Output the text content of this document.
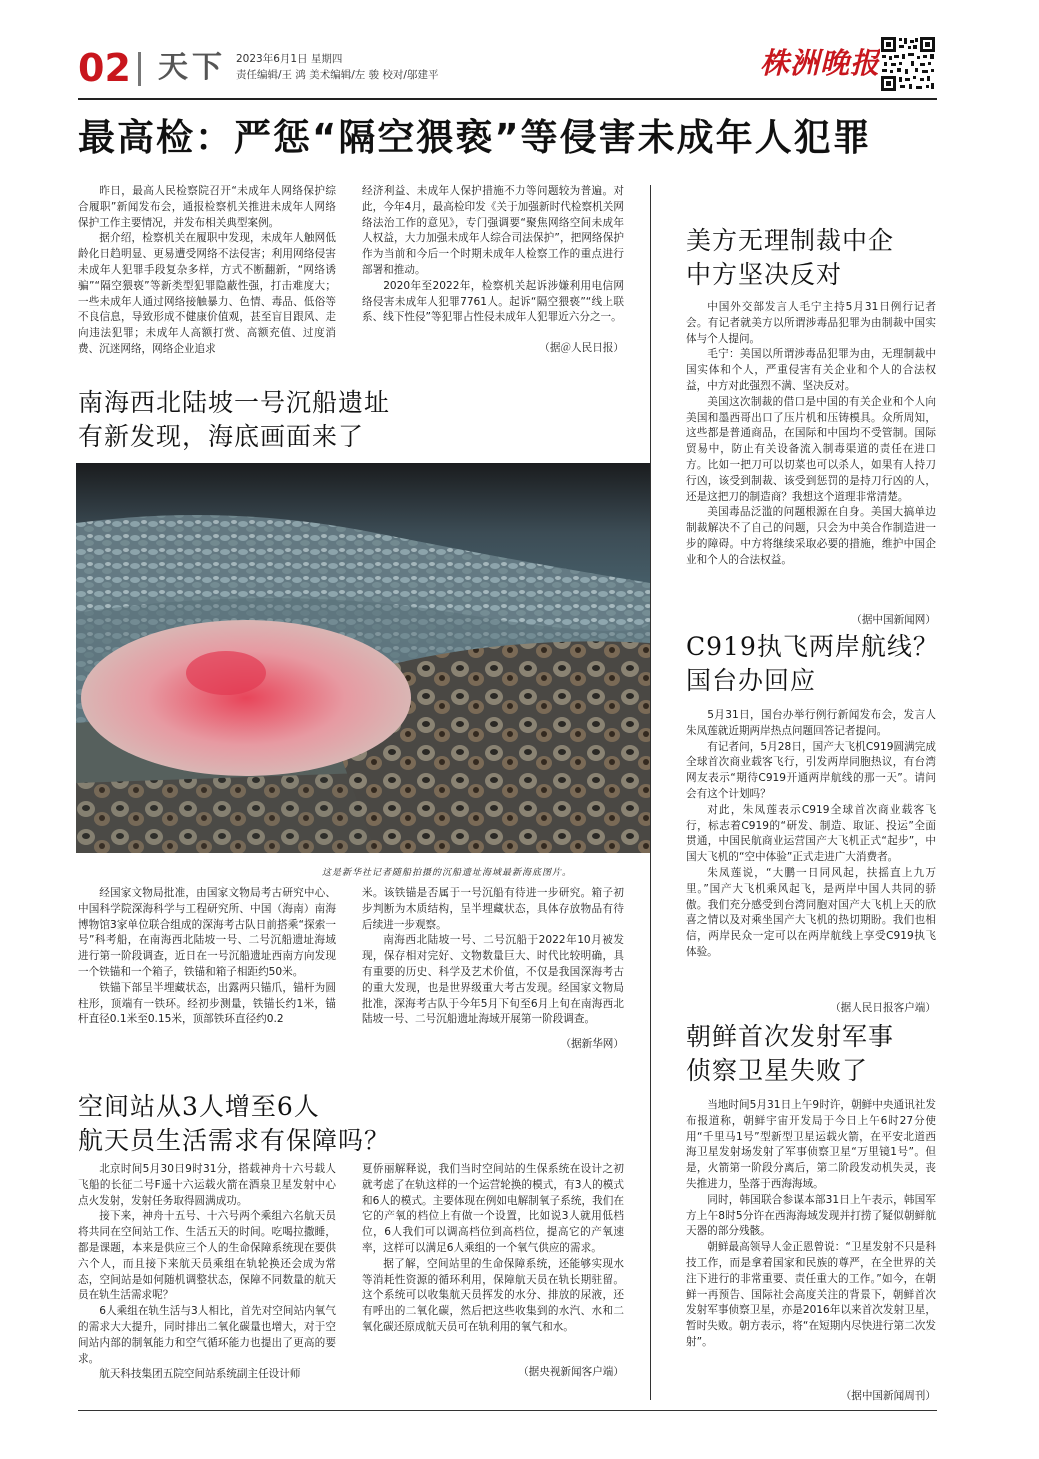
02 天下 2023年6月1日 星期四
责任编辑/王 鸿 美术编辑/左 骏 校对/邬建平	株洲晚报
最高检：严惩“隔空猥亵”等侵害未成年人犯罪

昨日，最高人民检察院召开“未成年人网络保护综合履职”新闻发布会，通报检察机关推进未成年人网络保护工作主要情况，并发布相关典型案例。

据介绍，检察机关在履职中发现，未成年人触网低龄化日趋明显、更易遭受网络不法侵害；利用网络侵害未成年人犯罪手段复杂多样，方式不断翻新，“网络诱骗”“隔空猥亵”等新类型犯罪隐蔽性强，打击难度大；一些未成年人通过网络接触暴力、色情、毒品、低俗等不良信息，导致形成不健康价值观，甚至盲目跟风、走向违法犯罪；未成年人高额打赏、高额充值、过度消费、沉迷网络，网络企业追求

经济利益、未成年人保护措施不力等问题较为普遍。对此，今年4月，最高检印发《关于加强新时代检察机关网络法治工作的意见》，专门强调要“聚焦网络空间未成年人权益，大力加强未成年人综合司法保护”，把网络保护作为当前和今后一个时期未成年人检察工作的重点进行部署和推动。

2020年至2022年，检察机关起诉涉嫌利用电信网络侵害未成年人犯罪7761人。起诉“隔空猥亵”“线上联系、线下性侵”等犯罪占性侵未成年人犯罪近六分之一。

（据＠人民日报）
南海西北陆坡一号沉船遗址
有新发现，海底画面来了
这是新华社记者随船拍摄的沉船遗址海域最新海底图片。

经国家文物局批准，由国家文物局考古研究中心、中国科学院深海科学与工程研究所、中国（海南）南海博物馆3家单位联合组成的深海考古队日前搭乘“探索一号”科考船，在南海西北陆坡一号、二号沉船遗址海域进行第一阶段调查，近日在一号沉船遗址西南方向发现一个铁锚和一个箱子，铁锚和箱子相距约50米。

铁锚下部呈半埋藏状态，出露两只锚爪，锚杆为圆柱形，顶端有一铁环。经初步测量，铁锚长约1米，锚杆直径0.1米至0.15米，顶部铁环直径约0.2

米。该铁锚是否属于一号沉船有待进一步研究。箱子初步判断为木质结构，呈半埋藏状态，具体存放物品有待后续进一步观察。

南海西北陆坡一号、二号沉船于2022年10月被发现，保存相对完好、文物数量巨大、时代比较明确，具有重要的历史、科学及艺术价值，不仅是我国深海考古的重大发现，也是世界级重大考古发现。经国家文物局批准，深海考古队于今年5月下旬至6月上旬在南海西北陆坡一号、二号沉船遗址海域开展第一阶段调查。

（据新华网）
空间站从3人增至6人
航天员生活需求有保障吗？

北京时间5月30日9时31分，搭载神舟十六号载人飞船的长征二号F遥十六运载火箭在酒泉卫星发射中心点火发射，发射任务取得圆满成功。

接下来，神舟十五号、十六号两个乘组六名航天员将共同在空间站工作、生活五天的时间。吃喝拉撒睡，都是课题，本来是供应三个人的生命保障系统现在要供六个人，而且接下来航天员乘组在轨轮换还会成为常态，空间站是如何随机调整状态，保障不同数量的航天员在轨生活需求呢？

6人乘组在轨生活与3人相比，首先对空间站内氧气的需求大大提升，同时排出二氧化碳量也增大，对于空间站内部的制氧能力和空气循环能力也提出了更高的要求。

航天科技集团五院空间站系统副主任设计师

夏侨丽解释说，我们当时空间站的生保系统在设计之初就考虑了在轨这样的一个运营轮换的模式，有3人的模式和6人的模式。主要体现在例如电解制氧子系统，我们在它的产氧的档位上有做一个设置，比如说3人就用低档位，6人我们可以调高档位到高档位，提高它的产氧速率，这样可以满足6人乘组的一个氧气供应的需求。

据了解，空间站里的生命保障系统，还能够实现水等消耗性资源的循环利用，保障航天员在轨长期驻留。这个系统可以收集航天员挥发的水分、排放的尿液，还有呼出的二氧化碳，然后把这些收集到的水汽、水和二氧化碳还原成航天员可在轨利用的氧气和水。

（据央视新闻客户端）
美方无理制裁中企
中方坚决反对

中国外交部发言人毛宁主持5月31日例行记者会。有记者就美方以所谓涉毒品犯罪为由制裁中国实体与个人提问。

毛宁：美国以所谓涉毒品犯罪为由，无理制裁中国实体和个人，严重侵害有关企业和个人的合法权益，中方对此强烈不满、坚决反对。

美国这次制裁的借口是中国的有关企业和个人向美国和墨西哥出口了压片机和压铸模具。众所周知，这些都是普通商品，在国际和中国均不受管制。国际贸易中，防止有关设备流入制毒渠道的责任在进口方。比如一把刀可以切菜也可以杀人，如果有人持刀行凶，该受到制裁、该受到惩罚的是持刀行凶的人，还是这把刀的制造商？我想这个道理非常清楚。

美国毒品泛滥的问题根源在自身。美国大搞单边制裁解决不了自己的问题，只会为中美合作制造进一步的障碍。中方将继续采取必要的措施，维护中国企业和个人的合法权益。

（据中国新闻网）
C919执飞两岸航线？
国台办回应

5月31日，国台办举行例行新闻发布会，发言人朱凤莲就近期两岸热点问题回答记者提问。

有记者问，5月28日，国产大飞机C919圆满完成全球首次商业载客飞行，引发两岸同胞热议，有台湾网友表示“期待C919开通两岸航线的那一天”。请问会有这个计划吗？

对此，朱凤莲表示C919全球首次商业载客飞行，标志着C919的“研发、制造、取证、投运”全面贯通，中国民航商业运营国产大飞机正式“起步”，中国大飞机的“空中体验”正式走进广大消费者。

朱凤莲说，“大鹏一日同风起，扶摇直上九万里。”国产大飞机乘风起飞，是两岸中国人共同的骄傲。我们充分感受到台湾同胞对国产大飞机上天的欣喜之情以及对乘坐国产大飞机的热切期盼。我们也相信，两岸民众一定可以在两岸航线上享受C919执飞体验。

（据人民日报客户端）
朝鲜首次发射军事
侦察卫星失败了

当地时间5月31日上午9时许，朝鲜中央通讯社发布报道称，朝鲜宇宙开发局于今日上午6时27分使用“千里马1号”型新型卫星运载火箭，在平安北道西海卫星发射场发射了军事侦察卫星“万里镜1号”。但是，火箭第一阶段分离后，第二阶段发动机失灵，丧失推进力，坠落于西海海域。

同时，韩国联合参谋本部31日上午表示，韩国军方上午8时5分许在西海海域发现并打捞了疑似朝鲜航天器的部分残骸。

朝鲜最高领导人金正恩曾说：“卫星发射不只是科技工作，而是拿着国家和民族的尊严，在全世界的关注下进行的非常重要、责任重大的工作。”如今，在朝鲜一再预告、国际社会高度关注的背景下，朝鲜首次发射军事侦察卫星，亦是2016年以来首次发射卫星，暂时失败。朝方表示，将“在短期内尽快进行第二次发射”。

（据中国新闻周刊）
